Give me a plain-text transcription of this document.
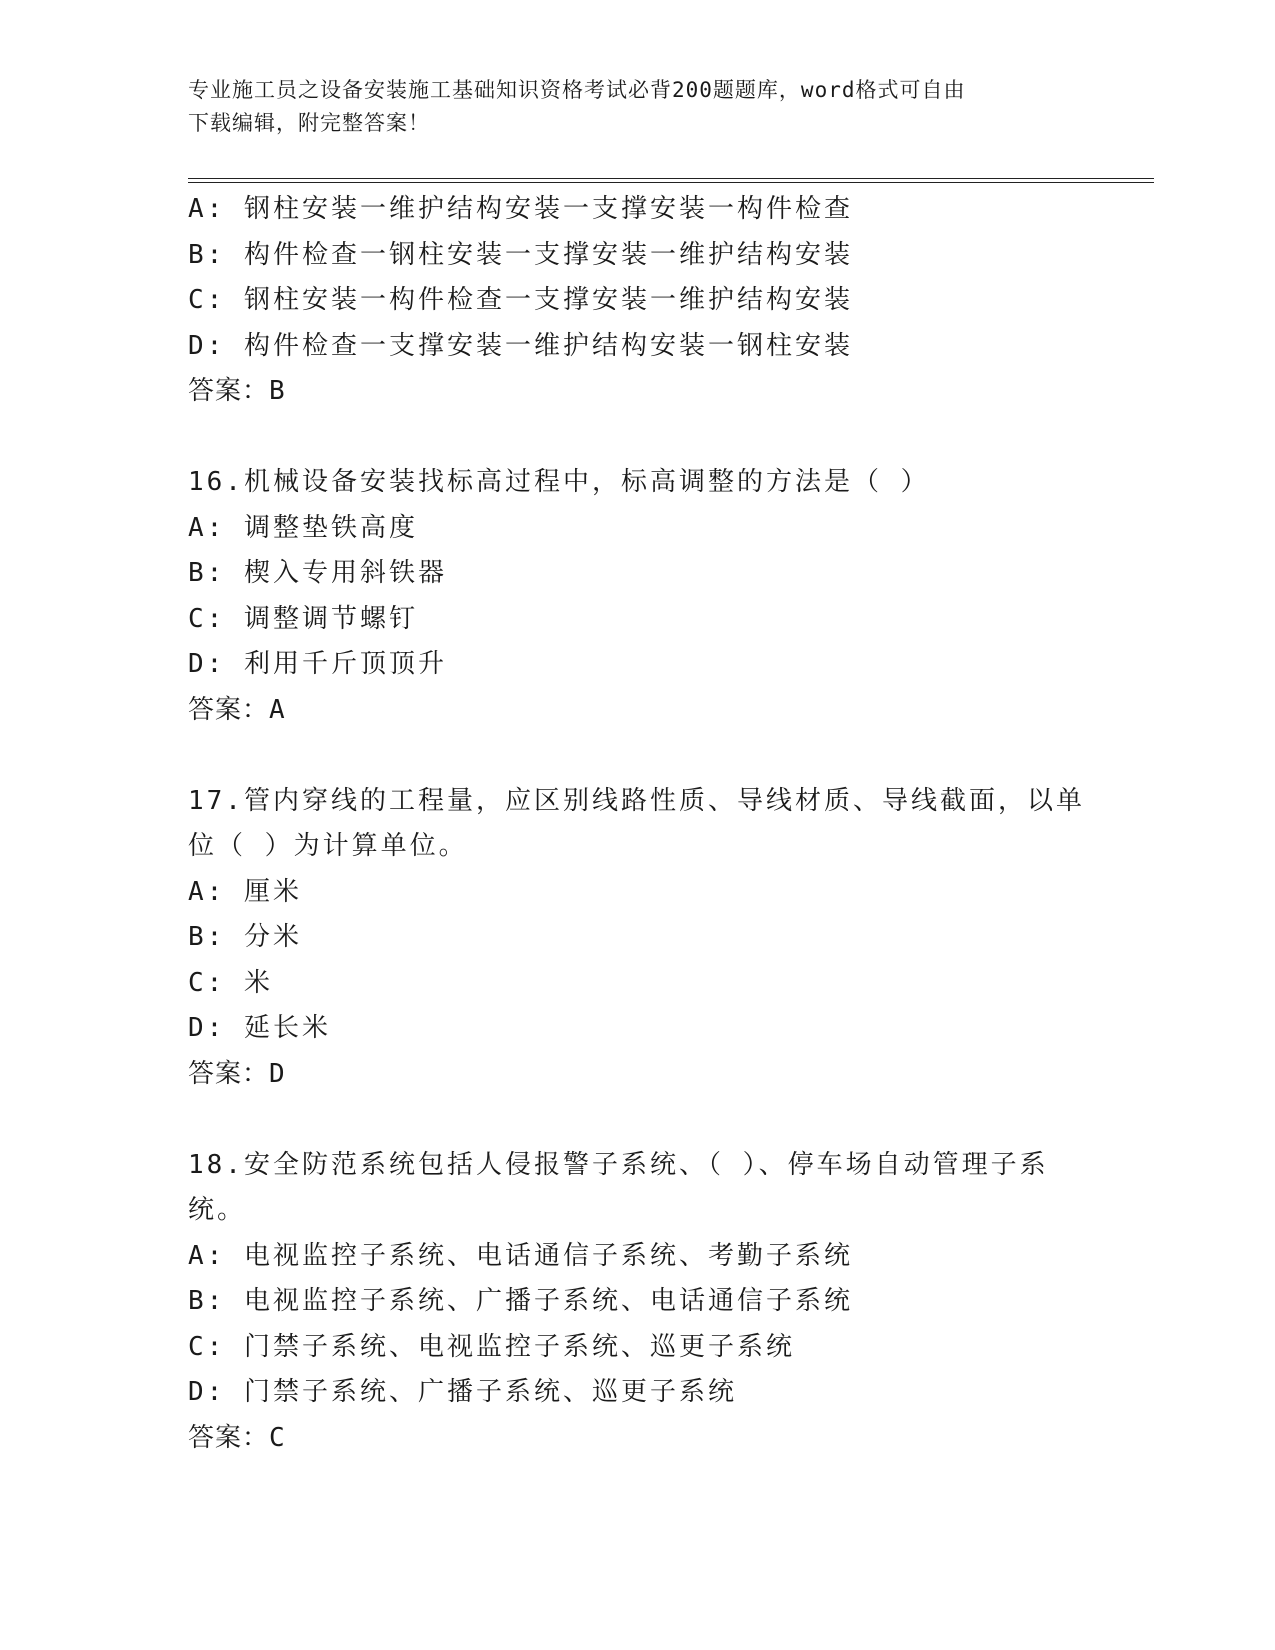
专业施工员之设备安装施工基础知识资格考试必背200题题库，word格式可自由
下载编辑，附完整答案！
A: 钢柱安装一维护结构安装一支撑安装一构件检查
B: 构件检查一钢柱安装一支撑安装一维护结构安装
C: 钢柱安装一构件检查一支撑安装一维护结构安装
D: 构件检查一支撑安装一维护结构安装一钢柱安装
答案：B
16.机械设备安装找标高过程中，标高调整的方法是（ ）
A: 调整垫铁高度
B: 楔入专用斜铁器
C: 调整调节螺钉
D: 利用千斤顶顶升
答案：A
17.管内穿线的工程量，应区别线路性质、导线材质、导线截面，以单
位（ ）为计算单位。
A: 厘米
B: 分米
C: 米
D: 延长米
答案：D
18.安全防范系统包括人侵报警子系统、（ ）、停车场自动管理子系
统。
A: 电视监控子系统、电话通信子系统、考勤子系统
B: 电视监控子系统、广播子系统、电话通信子系统
C: 门禁子系统、电视监控子系统、巡更子系统
D: 门禁子系统、广播子系统、巡更子系统
答案：C
